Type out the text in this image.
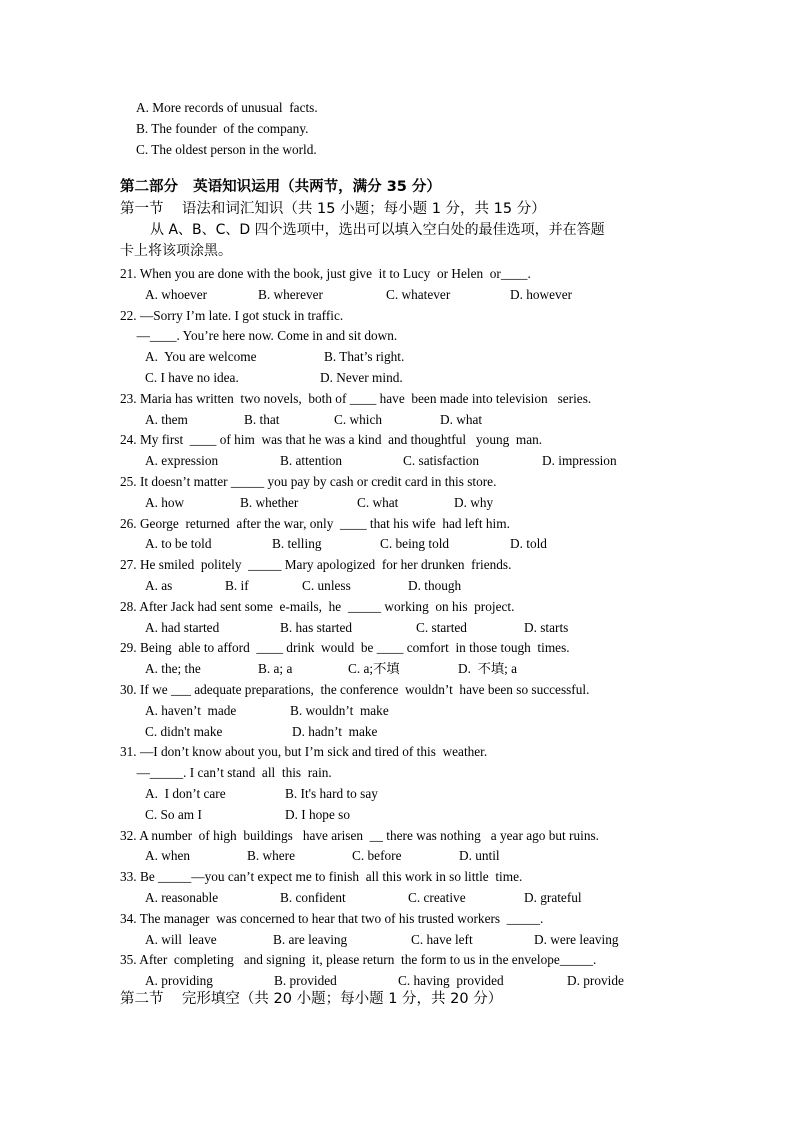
A. More records of unusual  facts.
B. The founder  of the company.
C. The oldest person in the world.
第二部分   英语知识运用（共两节，满分 35 分）
第一节    语法和词汇知识（共 15 小题；每小题 1 分，共 15 分）
从 A、B、C、D 四个选项中，选出可以填入空白处的最佳选项，并在答题
卡上将该项涂黑。
21. When you are done with the book, just give  it to Lucy  or Helen  or____.
A. whoever	B. wherever	C. whatever	D. however
22. —Sorry I’m late. I got stuck in traffic.
—____. You’re here now. Come in and sit down.
A.  You are welcome	B. That’s right.
C. I have no idea.	D. Never mind.
23. Maria has written  two novels,  both of ____ have  been made into television   series.
A. them	B. that	C. which	D. what
24. My first  ____ of him  was that he was a kind  and thoughtful   young  man.
A. expression	B. attention	C. satisfaction	D. impression
25. It doesn’t matter _____ you pay by cash or credit card in this store.
A. how	B. whether	C. what	D. why
26. George  returned  after the war, only  ____ that his wife  had left him.
A. to be told	B. telling	C. being told	D. told
27. He smiled  politely  _____ Mary apologized  for her drunken  friends.
A. as	B. if	C. unless	D. though
28. After Jack had sent some  e-mails,  he  _____ working  on his  project.
A. had started	B. has started	C. started	D. starts
29. Being  able to afford  ____ drink  would  be ____ comfort  in those tough  times.
A. the; the	B. a; a	C. a;不填	D.  不填; a
30. If we ___ adequate preparations,  the conference  wouldn’t  have been so successful.
A. haven’t  made	B. wouldn’t  make
C. didn't make	D. hadn’t  make
31. —I don’t know about you, but I’m sick and tired of this  weather.
—_____. I can’t stand  all  this  rain.
A.  I don’t care	B. It's hard to say
C. So am I	D. I hope so
32. A number  of high  buildings   have arisen  __ there was nothing   a year ago but ruins.
A. when	B. where	C. before	D. until
33. Be _____—you can’t expect me to finish  all this work in so little  time.
A. reasonable	B. confident	C. creative	D. grateful
34. The manager  was concerned to hear that two of his trusted workers  _____.
A. will  leave	B. are leaving	C. have left	D. were leaving
35. After  completing   and signing  it, please return  the form to us in the envelope_____.
A. providing	B. provided	C. having  provided	D. provide
第二节    完形填空（共 20 小题；每小题 1 分，共 20 分）
